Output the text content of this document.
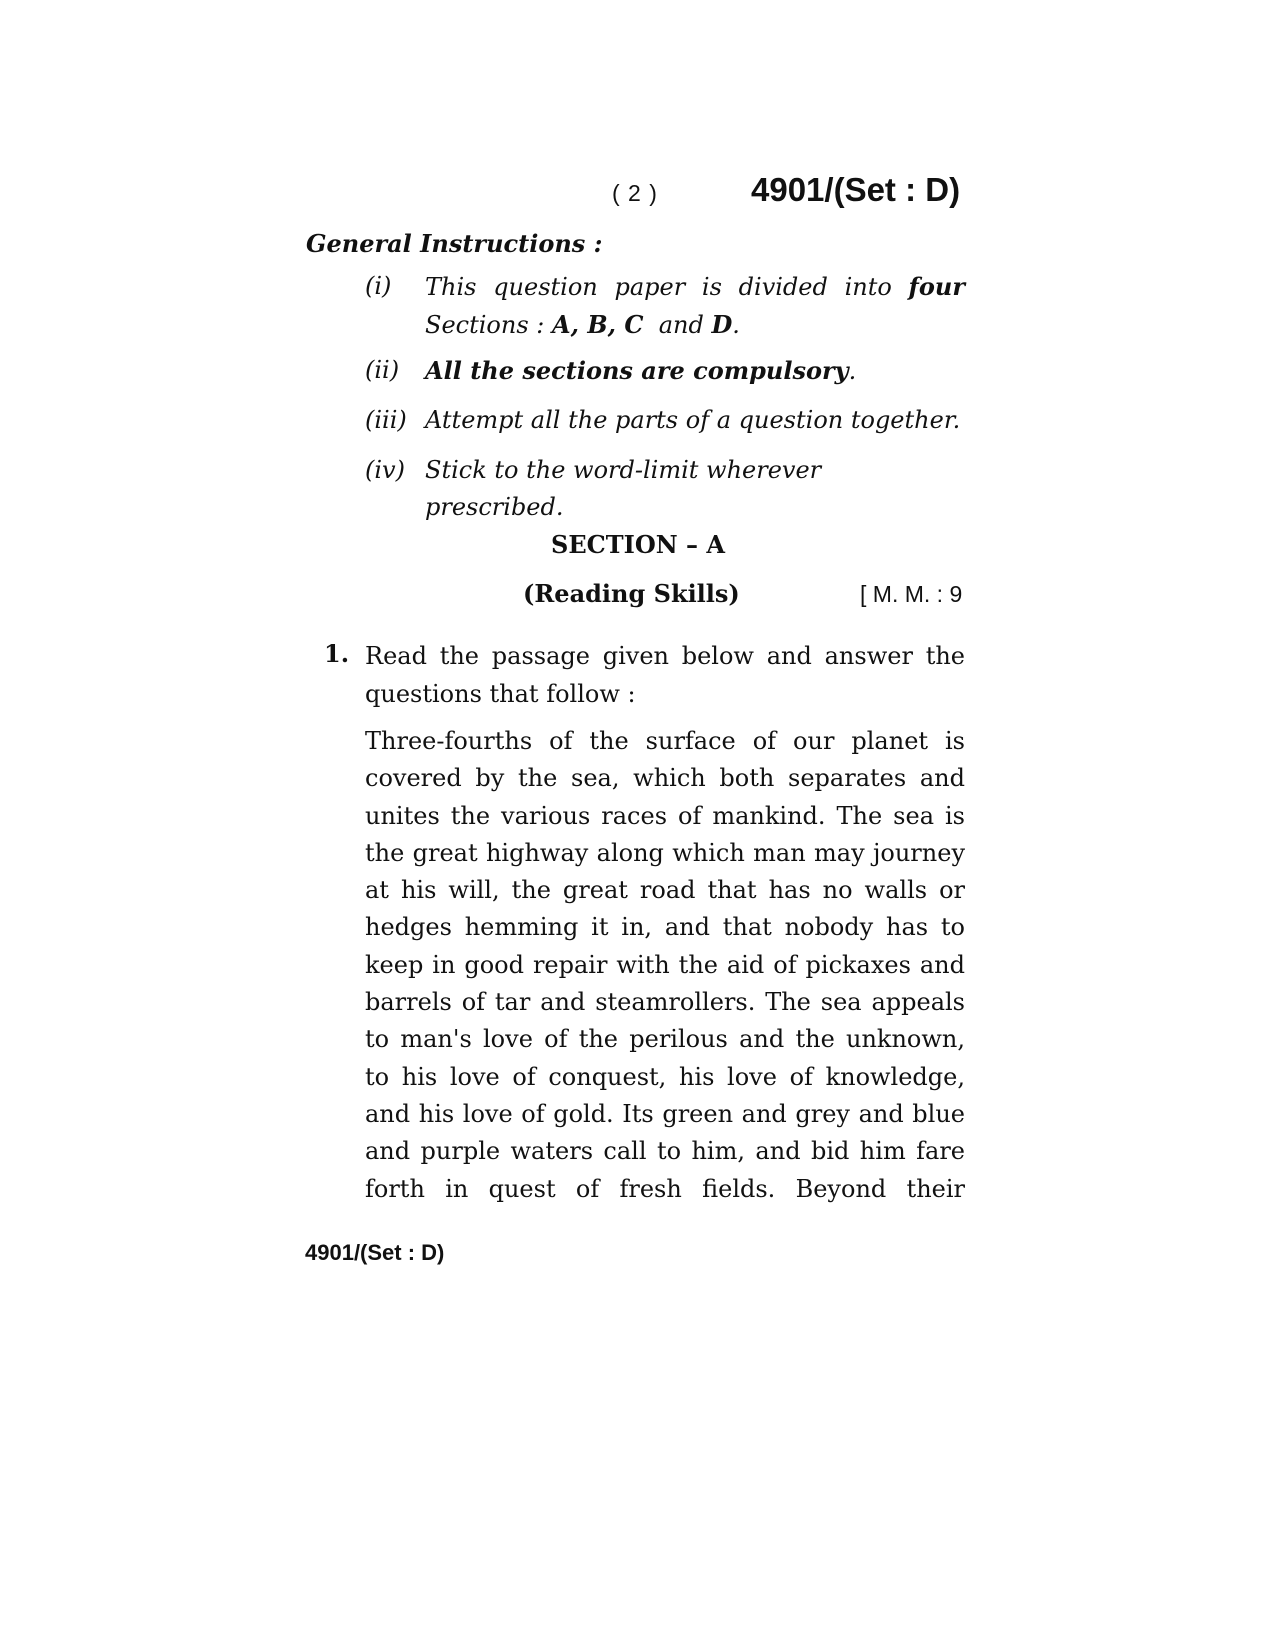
( 2 )	4901/(Set : D)
General Instructions :
(i)	This question paper is divided into four
Sections : A, B, C and D.
(ii)	All the sections are compulsory.
(iii) Attempt all the parts of a question together.
(iv) Stick to the word-limit wherever prescribed.
SECTION – A
(Reading Skills)	[ M. M. : 9
1. Read the passage given below and answer the questions that follow :
Three-fourths of the surface of our planet is
covered by the sea, which both separates and
unites the various races of mankind. The sea is
the great highway along which man may journey
at his will, the great road that has no walls or
hedges hemming it in, and that nobody has to
keep in good repair with the aid of pickaxes and
barrels of tar and steamrollers. The sea appeals
to man's love of the perilous and the unknown,
to his love of conquest, his love of knowledge,
and his love of gold. Its green and grey and blue
and purple waters call to him, and bid him fare
forth in quest of fresh fields. Beyond their
4901/(Set : D)
